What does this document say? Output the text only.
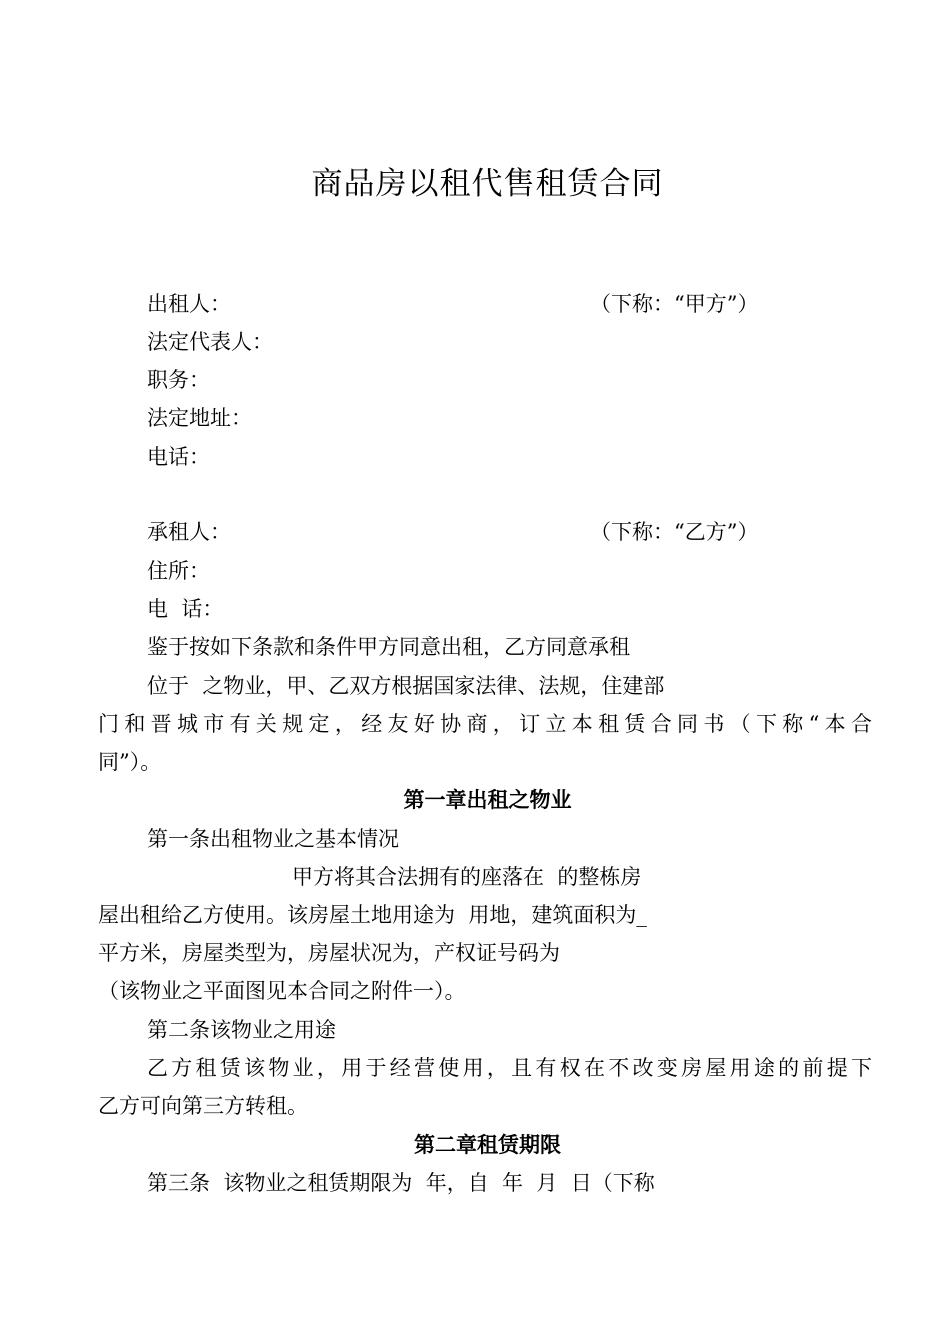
商品房以租代售租赁合同
出租人：	（下称：“甲方”）
法定代表人：
职务：
法定地址：
电话：
承租人：	（下称：“乙方”）
住所：
电  话：
鉴于按如下条款和条件甲方同意出租，乙方同意承租
位于  之物业，甲、乙双方根据国家法律、法规，住建部
门和晋城市有关规定，经友好协商，订立本租赁合同书（下称“本合
同”）。
第一章出租之物业
第一条出租物业之基本情况
甲方将其合法拥有的座落在  的整栋房
屋出租给乙方使用。该房屋土地用途为  用地，建筑面积为_
平方米，房屋类型为，房屋状况为，产权证号码为
（该物业之平面图见本合同之附件一）。
第二条该物业之用途
乙方租赁该物业，用于经营使用，且有权在不改变房屋用途的前提下
乙方可向第三方转租。
第二章租赁期限
第三条  该物业之租赁期限为  年，自  年  月  日（下称
